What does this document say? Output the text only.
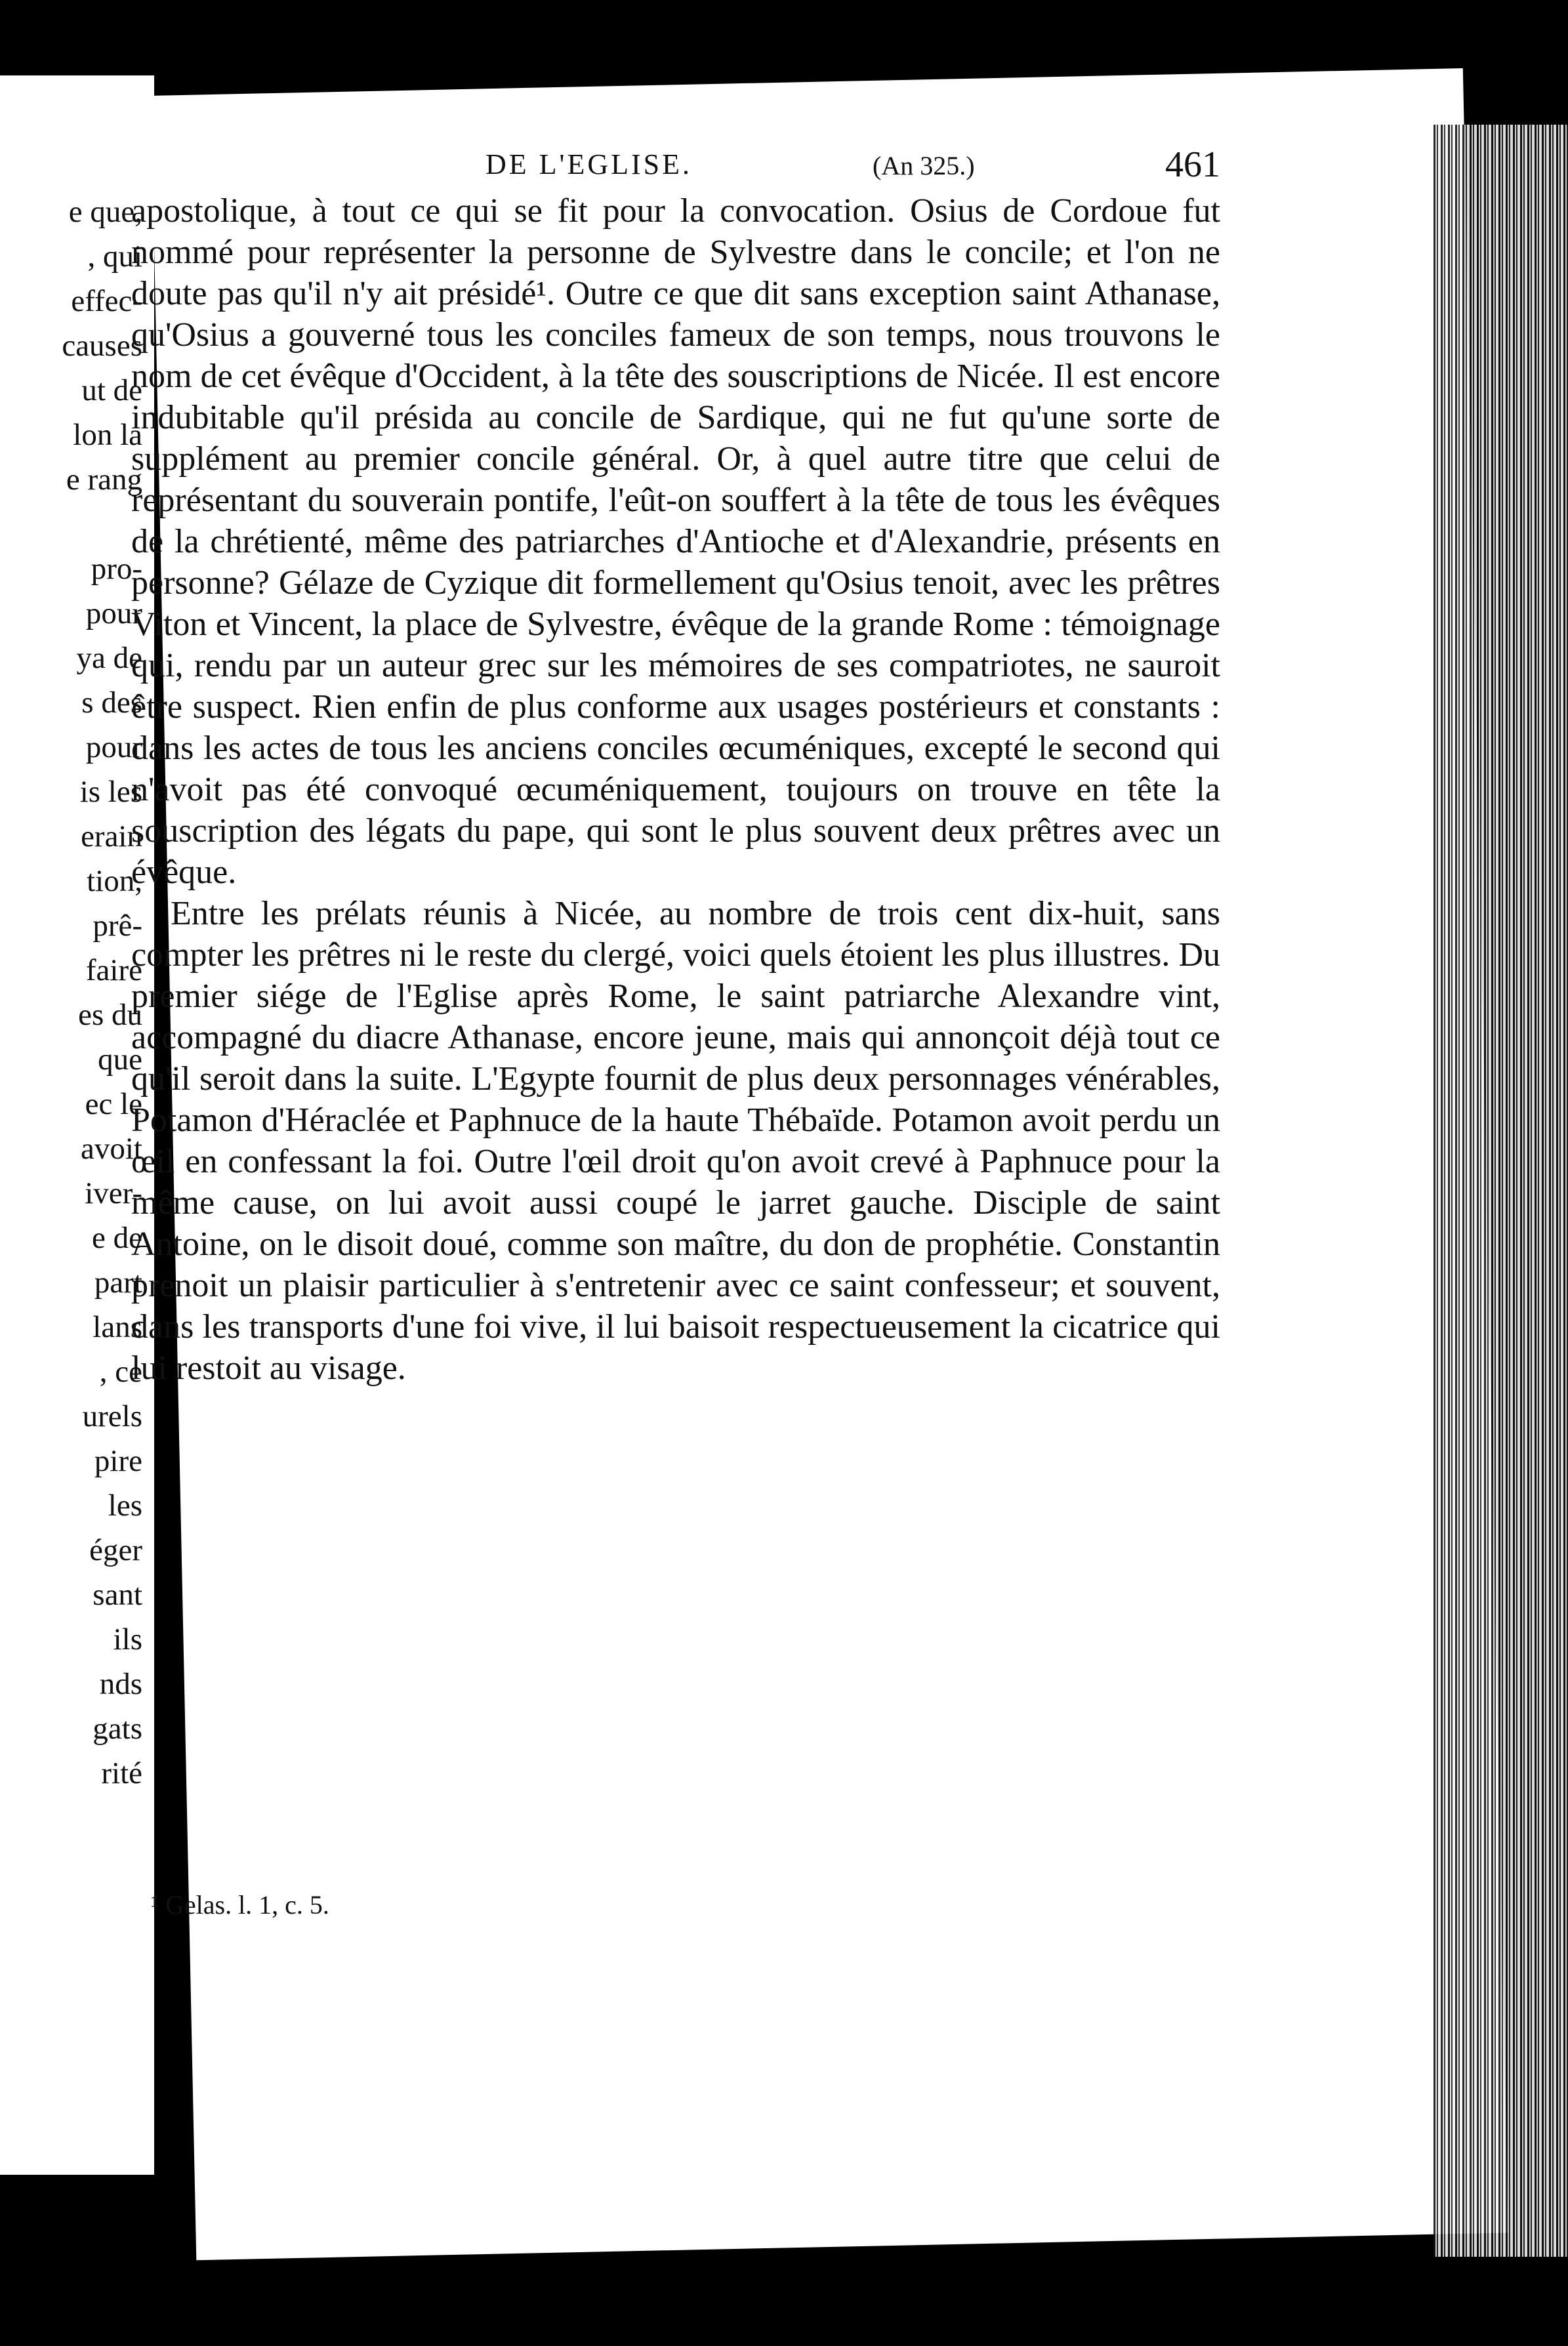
e que,
, qui
effec-
causes
ut de
lon la
e rang
pro-
pour
ya de
s des
pour
is les
erain
tion,
prê-
faire
es du
que
ec le
avoit
iver-
e de
part
lans
, ce
urels
pire
les
éger
sant
ils
nds
gats
rité
DE L'EGLISE.	(An 325.)	461

apostolique, à tout ce qui se fit pour la convocation. Osius de Cordoue fut nommé pour représenter la personne de Sylvestre dans le concile; et l'on ne doute pas qu'il n'y ait présidé¹. Outre ce que dit sans exception saint Athanase, qu'Osius a gouverné tous les conciles fameux de son temps, nous trouvons le nom de cet évêque d'Occident, à la tête des souscriptions de Nicée. Il est encore indubitable qu'il présida au concile de Sardique, qui ne fut qu'une sorte de supplément au premier concile général. Or, à quel autre titre que celui de représentant du souverain pontife, l'eût-on souffert à la tête de tous les évêques de la chrétienté, même des patriarches d'Antioche et d'Alexandrie, présents en personne? Gélaze de Cyzique dit formellement qu'Osius tenoit, avec les prêtres Viton et Vincent, la place de Sylvestre, évêque de la grande Rome : témoignage qui, rendu par un auteur grec sur les mémoires de ses compatriotes, ne sauroit être suspect. Rien enfin de plus conforme aux usages postérieurs et constants : dans les actes de tous les anciens conciles œcuméniques, excepté le second qui n'avoit pas été convoqué œcuméniquement, toujours on trouve en tête la souscription des légats du pape, qui sont le plus souvent deux prêtres avec un évêque.

Entre les prélats réunis à Nicée, au nombre de trois cent dix-huit, sans compter les prêtres ni le reste du clergé, voici quels étoient les plus illustres. Du premier siége de l'Eglise après Rome, le saint patriarche Alexandre vint, accompagné du diacre Athanase, encore jeune, mais qui annonçoit déjà tout ce qu'il seroit dans la suite. L'Egypte fournit de plus deux personnages vénérables, Potamon d'Héraclée et Paphnuce de la haute Thébaïde. Potamon avoit perdu un œil en confessant la foi. Outre l'œil droit qu'on avoit crevé à Paphnuce pour la même cause, on lui avoit aussi coupé le jarret gauche. Disciple de saint Antoine, on le disoit doué, comme son maître, du don de prophétie. Constantin prenoit un plaisir particulier à s'entretenir avec ce saint confesseur; et souvent, dans les transports d'une foi vive, il lui baisoit respectueusement la cicatrice qui lui restoit au visage.

¹ Gelas. l. 1, c. 5.
